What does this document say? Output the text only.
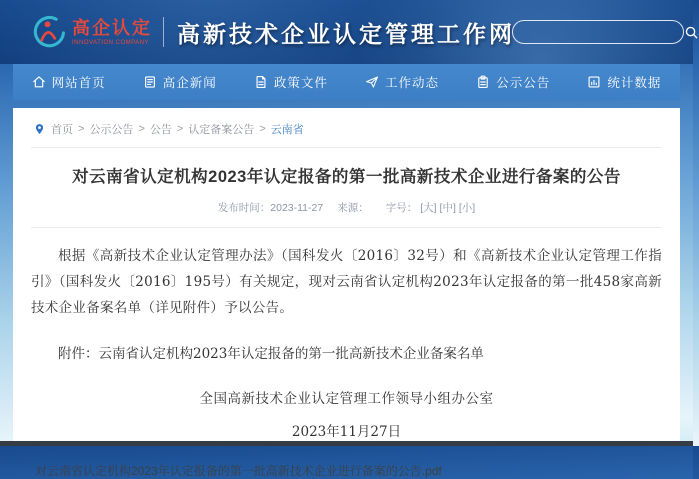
高企认定
INNOVATION COMPANY 高新技术企业认定管理工作网
网站首页	高企新闻	政策文件	工作动态	公示公告	统计数据
首页 > 公示公告 > 公告 > 认定备案公告 > 云南省
对云南省认定机构2023年认定报备的第一批高新技术企业进行备案的公告
发布时间：2023-11-27 来源： 字号： [大] [中] [小]

根据《高新技术企业认定管理办法》（国科发火〔2016〕32号）和《高新技术企业认定管理工作指引》（国科发火〔2016〕195号）有关规定，现对云南省认定机构2023年认定报备的第一批458家高新技术企业备案名单（详见附件）予以公告。

附件：云南省认定机构2023年认定报备的第一批高新技术企业备案名单

全国高新技术企业认定管理工作领导小组办公室

2023年11月27日

对云南省认定机构2023年认定报备的第一批高新技术企业进行备案的公告.pdf
